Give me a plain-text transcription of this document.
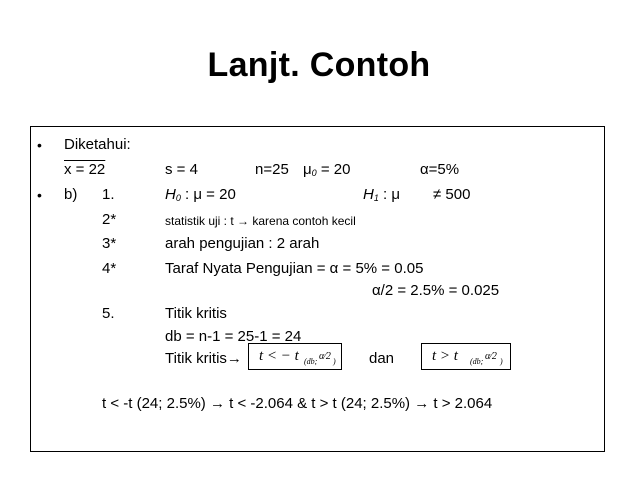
Lanjt. Contoh
• Diketahui:
x = 22	s = 4	n=25 μ0 = 20	α=5%
• b) 1.	H0 : μ = 20	H1 : μ ≠ 500
2*	statistik uji : t → karena contoh kecil
3*	arah pengujian : 2 arah
4*	Taraf Nyata Pengujian = α = 5% = 0.05
α/2 = 2.5% = 0.025
5.	Titik kritis
db = n-1 = 25-1 = 24
Titik kritis→ t < − t (db; α⁄2 ) dan	t > t (db; α⁄2 )
t < -t (24; 2.5%) → t < -2.064 & t > t (24; 2.5%) → t > 2.064
